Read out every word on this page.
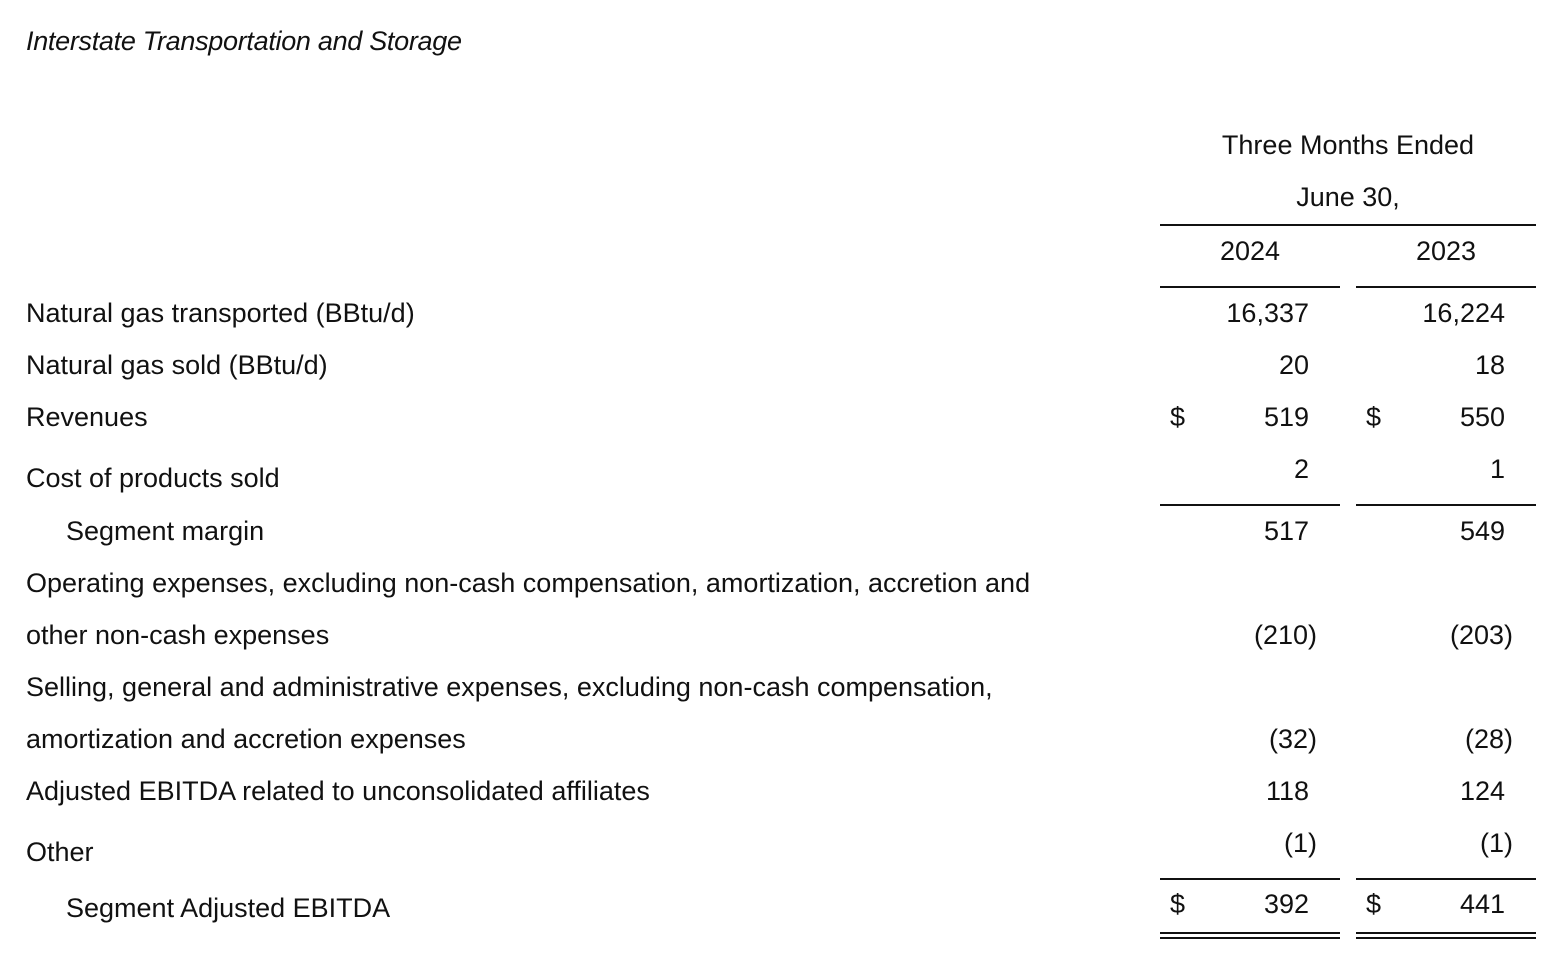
Interstate Transportation and Storage
Three Months Ended
June 30,
2024	2023
Natural gas transported (BBtu/d)	16,337	16,224
Natural gas sold (BBtu/d)	20	18
Revenues	$	519 $	550
Cost of products sold	2	1
Segment margin	517	549
Operating expenses, excluding non-cash compensation, amortization, accretion and
other non-cash expenses	(210)	(203)
Selling, general and administrative expenses, excluding non-cash compensation,
amortization and accretion expenses	(32)	(28)
Adjusted EBITDA related to unconsolidated affiliates	118	124
Other	(1)	(1)
Segment Adjusted EBITDA	$	392 $	441
